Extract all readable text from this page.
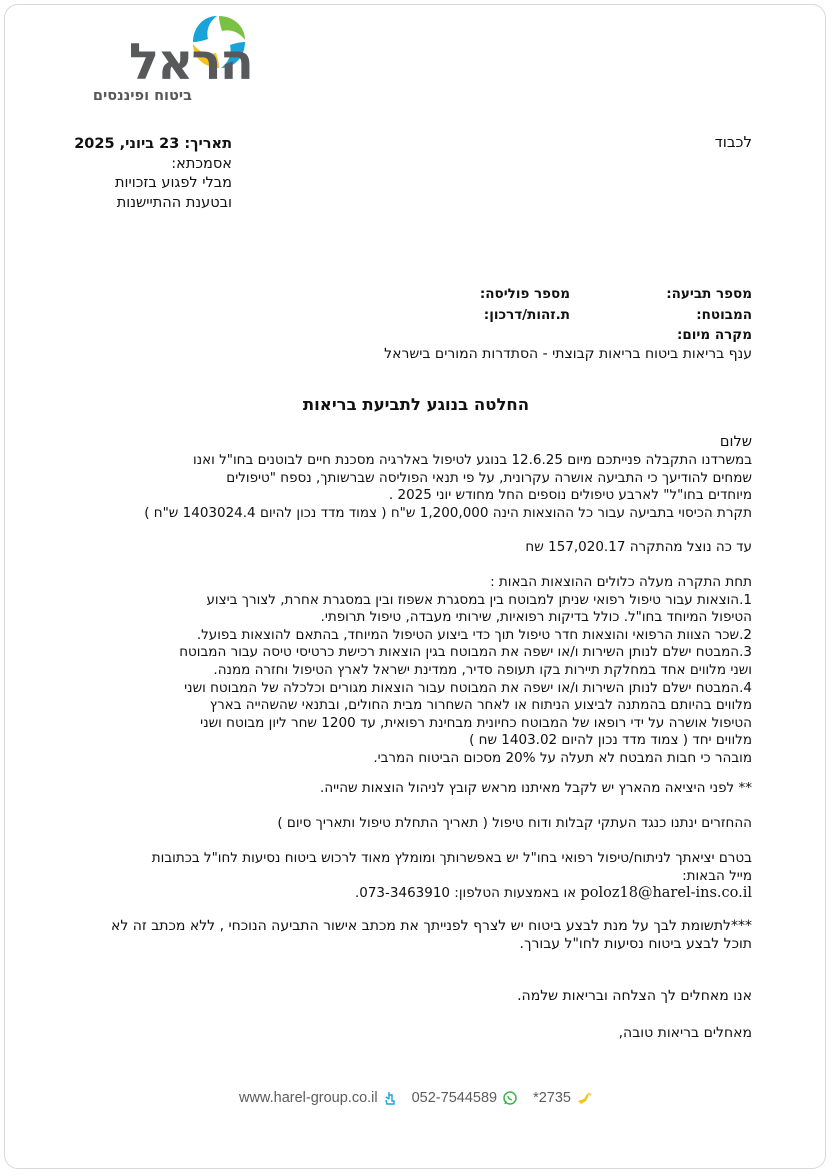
הראל
ביטוח ופיננסים
לכבוד
תאריך: 23 ביוני, 2025
אסמכתא:
מבלי לפגוע בזכויות
ובטענת ההתיישנות
מספר תביעה:
מספר פוליסה:
המבוטח:
ת.זהות/דרכון:
מקרה מיום:
ענף בריאות ביטוח בריאות קבוצתי - הסתדרות המורים בישראל
החלטה בנוגע לתביעת בריאות
שלום
במשרדנו התקבלה פנייתכם מיום 12.6.25 בנוגע לטיפול באלרגיה מסכנת חיים לבוטנים בחו"ל ואנו
שמחים להודיעך כי התביעה אושרה עקרונית, על פי תנאי הפוליסה שברשותך, נספח "טיפולים
מיוחדים בחו"ל" לארבע טיפולים נוספים החל מחודש יוני 2025 .
תקרת הכיסוי בתביעה עבור כל ההוצאות הינה 1,200,000 ש"ח ( צמוד מדד נכון להיום 1403024.4 ש"ח )
עד כה נוצל מהתקרה 157,020.17 שח
תחת התקרה מעלה כלולים ההוצאות הבאות :
1.הוצאות עבור טיפול רפואי שניתן למבוטח בין במסגרת אשפוז ובין במסגרת אחרת, לצורך ביצוע
הטיפול המיוחד בחו"ל. כולל בדיקות רפואיות, שירותי מעבדה, טיפול תרופתי.
2.שכר הצוות הרפואי והוצאות חדר טיפול תוך כדי ביצוע הטיפול המיוחד, בהתאם להוצאות בפועל.
3.המבטח ישלם לנותן השירות ו/או ישפה את המבוטח בגין הוצאות רכישת כרטיסי טיסה עבור המבוטח
ושני מלווים אחד במחלקת תיירות בקו תעופה סדיר, ממדינת ישראל לארץ הטיפול וחזרה ממנה.
4.המבטח ישלם לנותן השירות ו/או ישפה את המבוטח עבור הוצאות מגורים וכלכלה של המבוטח ושני
מלווים בהיותם בהמתנה לביצוע הניתוח או לאחר השחרור מבית החולים, ובתנאי שהשהייה בארץ
הטיפול אושרה על ידי רופאו של המבוטח כחיונית מבחינת רפואית, עד 1200 שחר ליון מבוטח ושני
מלווים יחד ( צמוד מדד נכון להיום 1403.02 שח )
מובהר כי חבות המבטח לא תעלה על 20% מסכום הביטוח המרבי.
** לפני היציאה מהארץ יש לקבל מאיתנו מראש קובץ לניהול הוצאות שהייה.
ההחזרים ינתנו כנגד העתקי קבלות ודוח טיפול ( תאריך התחלת טיפול ותאריך סיום )
בטרם יציאתך לניתוח/טיפול רפואי בחו"ל יש באפשרותך ומומלץ מאוד לרכוש ביטוח נסיעות לחו"ל בכתובות
מייל הבאות:
poloz18@harel-ins.co.il או באמצעות הטלפון: 073-3463910.
***לתשומת לבך על מנת לבצע ביטוח יש לצרף לפנייתך את מכתב אישור התביעה הנוכחי , ללא מכתב זה לא
תוכל לבצע ביטוח נסיעות לחו"ל עבורך.
אנו מאחלים לך הצלחה ובריאות שלמה.
מאחלים בריאות טובה,
www.harel-group.co.il 052-7544589 *2735
